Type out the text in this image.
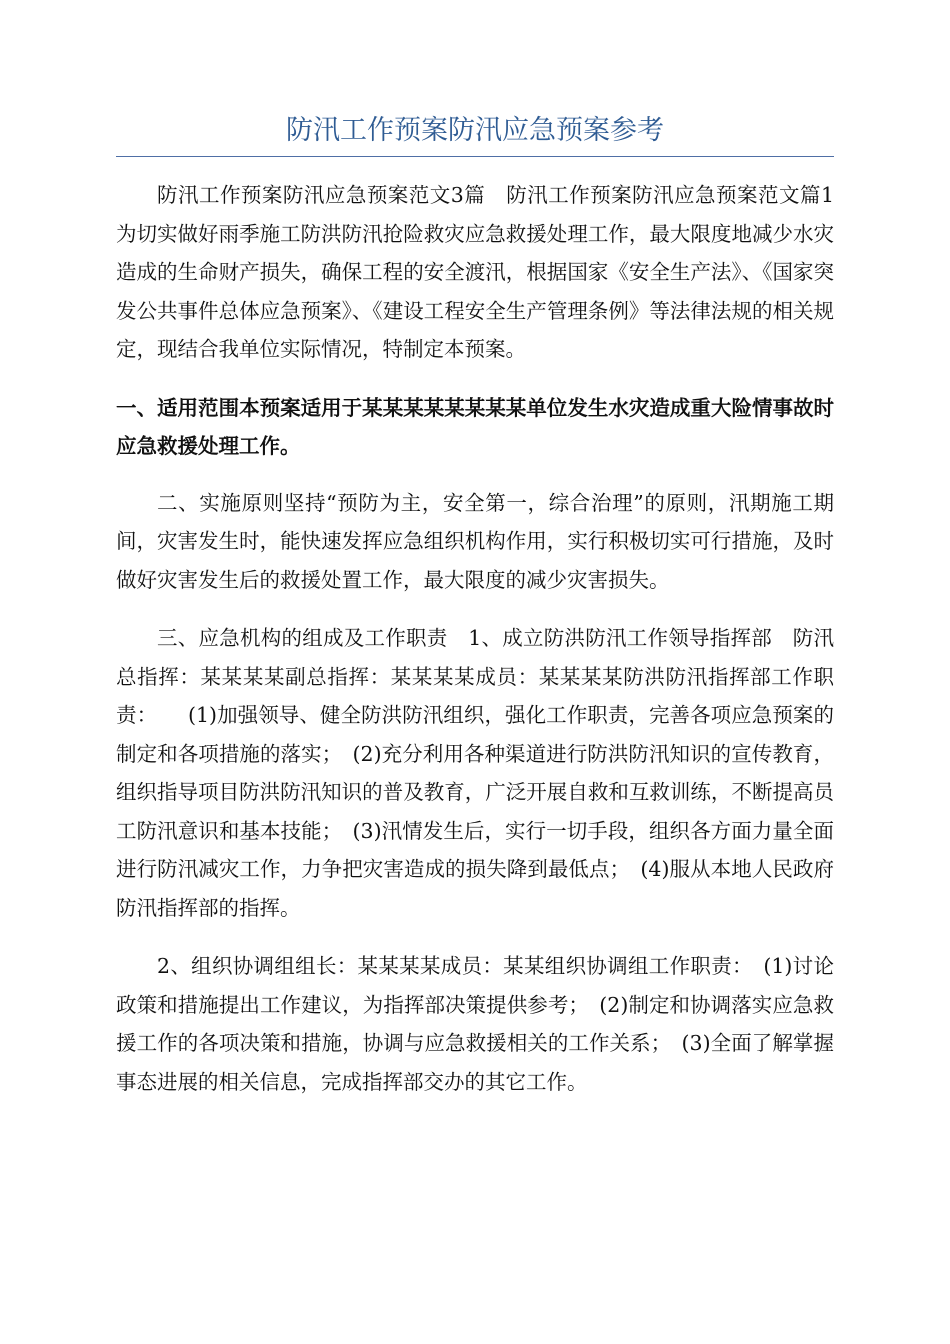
防汛工作预案防汛应急预案参考

防汛工作预案防汛应急预案范文3篇　防汛工作预案防汛应急预案范文篇1　为切实做好雨季施工防洪防汛抢险救灾应急救援处理工作，最大限度地减少水灾造成的生命财产损失，确保工程的安全渡汛，根据国家《安全生产法》、《国家突发公共事件总体应急预案》、《建设工程安全生产管理条例》等法律法规的相关规定，现结合我单位实际情况，特制定本预案。

一、适用范围本预案适用于某某某某某某某某单位发生水灾造成重大险情事故时应急救援处理工作。

二、实施原则坚持“预防为主，安全第一，综合治理”的原则，汛期施工期间，灾害发生时，能快速发挥应急组织机构作用，实行积极切实可行措施，及时做好灾害发生后的救援处置工作，最大限度的减少灾害损失。

三、应急机构的组成及工作职责　1、成立防洪防汛工作领导指挥部　防汛总指挥：某某某某副总指挥：某某某某成员：某某某某防洪防汛指挥部工作职责：　　(1)加强领导、健全防洪防汛组织，强化工作职责，完善各项应急预案的制定和各项措施的落实；　(2)充分利用各种渠道进行防洪防汛知识的宣传教育，组织指导项目防洪防汛知识的普及教育，广泛开展自救和互救训练，不断提高员工防汛意识和基本技能；　(3)汛情发生后，实行一切手段，组织各方面力量全面进行防汛减灾工作，力争把灾害造成的损失降到最低点；　(4)服从本地人民政府防汛指挥部的指挥。

2、组织协调组组长：某某某某成员：某某组织协调组工作职责：　(1)讨论政策和措施提出工作建议，为指挥部决策提供参考；　(2)制定和协调落实应急救援工作的各项决策和措施，协调与应急救援相关的工作关系；　(3)全面了解掌握事态进展的相关信息，完成指挥部交办的其它工作。
